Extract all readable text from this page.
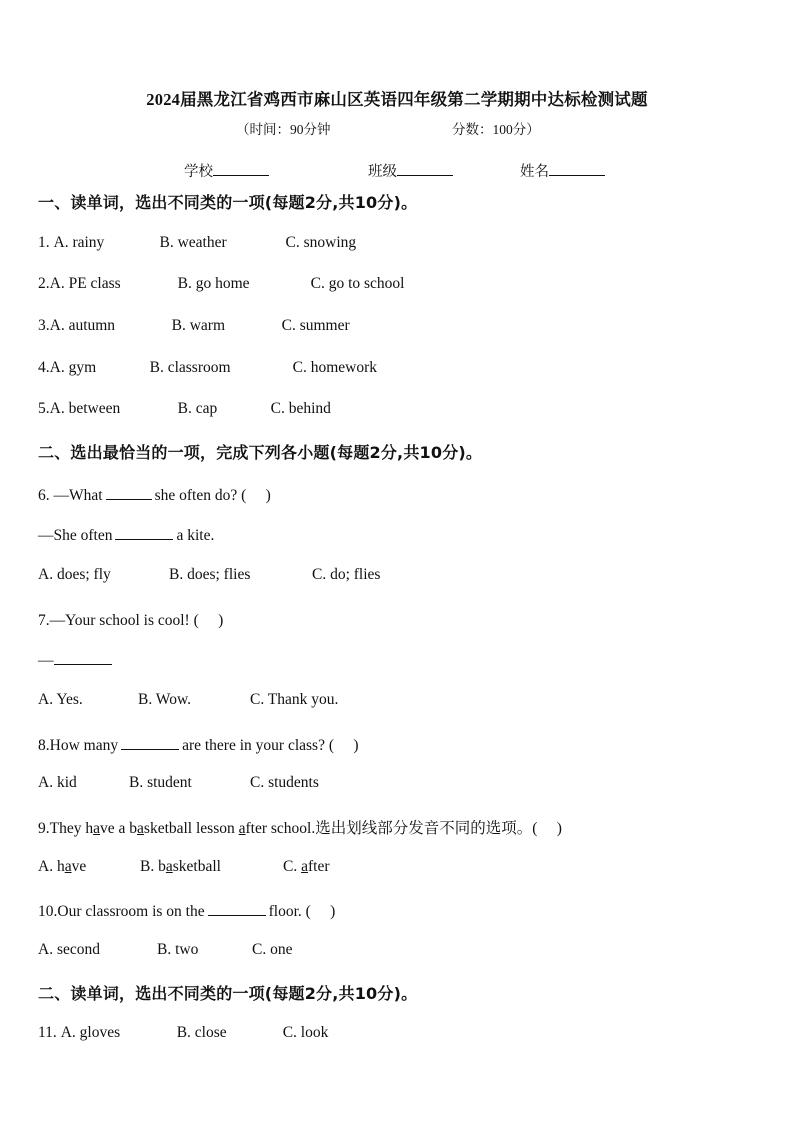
2024届黑龙江省鸡西市麻山区英语四年级第二学期期中达标检测试题
（时间：90分钟	分数：100分）
学校	班级	姓名
一、读单词，选出不同类的一项(每题2分,共10分)。
1. A. rainy	B. weather	C. snowing
2.A. PE class	B. go home	C. go to school
3.A. autumn	B. warm	C. summer
4.A. gym	B. classroom	C. homework
5.A. between	B. cap	C. behind
二、选出最恰当的一项，完成下列各小题(每题2分,共10分)。
6. —What	she often do? (　 )
—She often	a kite.
A. does; fly	B. does; flies	C. do; flies
7.—Your school is cool! (　 )
—
A. Yes.	B. Wow.	C. Thank you.
8.How many	are there in your class? (　 )
A. kid	B. student	C. students
9.They have a basketball lesson after school.选出划线部分发音不同的选项。(　 )
A. have	B. basketball	C. after
10.Our classroom is on the	floor. (　 )
A. second	B. two	C. one
二、读单词，选出不同类的一项(每题2分,共10分)。
11. A. gloves	B. close	C. look
